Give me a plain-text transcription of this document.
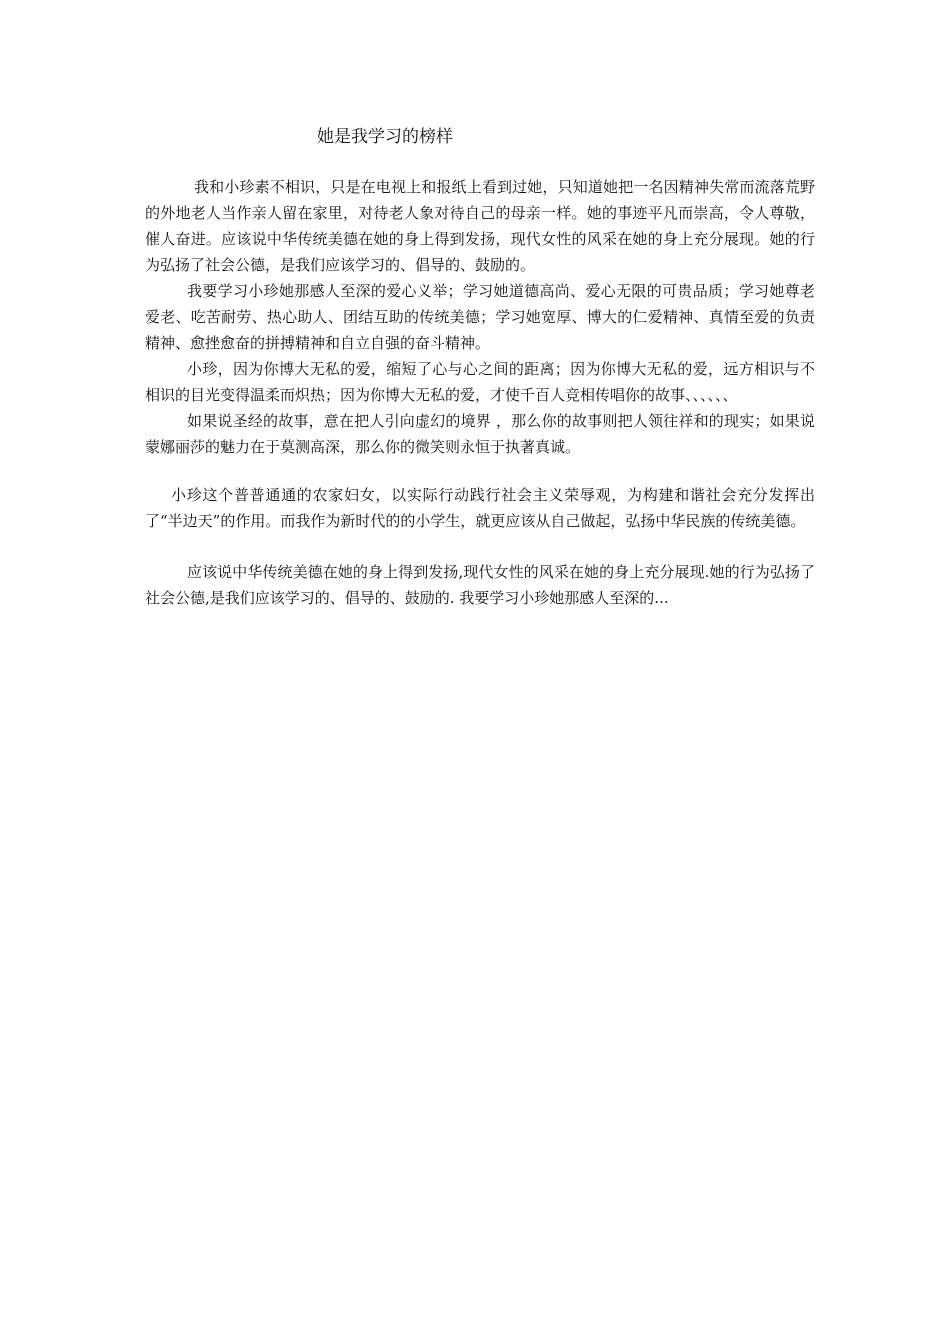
她是我学习的榜样

我和小珍素不相识，只是在电视上和报纸上看到过她，只知道她把一名因精神失常而流落荒野的外地老人当作亲人留在家里，对待老人象对待自己的母亲一样。她的事迹平凡而崇高，令人尊敬，催人奋进。应该说中华传统美德在她的身上得到发扬，现代女性的风采在她的身上充分展现。她的行为弘扬了社会公德，是我们应该学习的、倡导的、鼓励的。

我要学习小珍她那感人至深的爱心义举；学习她道德高尚、爱心无限的可贵品质；学习她尊老爱老、吃苦耐劳、热心助人、团结互助的传统美德；学习她宽厚、博大的仁爱精神、真情至爱的负责精神、愈挫愈奋的拼搏精神和自立自强的奋斗精神。

小珍，因为你博大无私的爱，缩短了心与心之间的距离；因为你博大无私的爱，远方相识与不相识的目光变得温柔而炽热；因为你博大无私的爱，才使千百人竞相传唱你的故事、、、、、、

如果说圣经的故事，意在把人引向虚幻的境界 ，那么你的故事则把人领往祥和的现实；如果说蒙娜丽莎的魅力在于莫测高深，那么你的微笑则永恒于执著真诚。

小珍这个普普通通的农家妇女，以实际行动践行社会主义荣辱观，为构建和谐社会充分发挥出了“半边天”的作用。而我作为新时代的的小学生，就更应该从自己做起，弘扬中华民族的传统美德。

应该说中华传统美德在她的身上得到发扬,现代女性的风采在她的身上充分展现.她的行为弘扬了社会公德,是我们应该学习的、倡导的、鼓励的. 我要学习小珍她那感人至深的...
